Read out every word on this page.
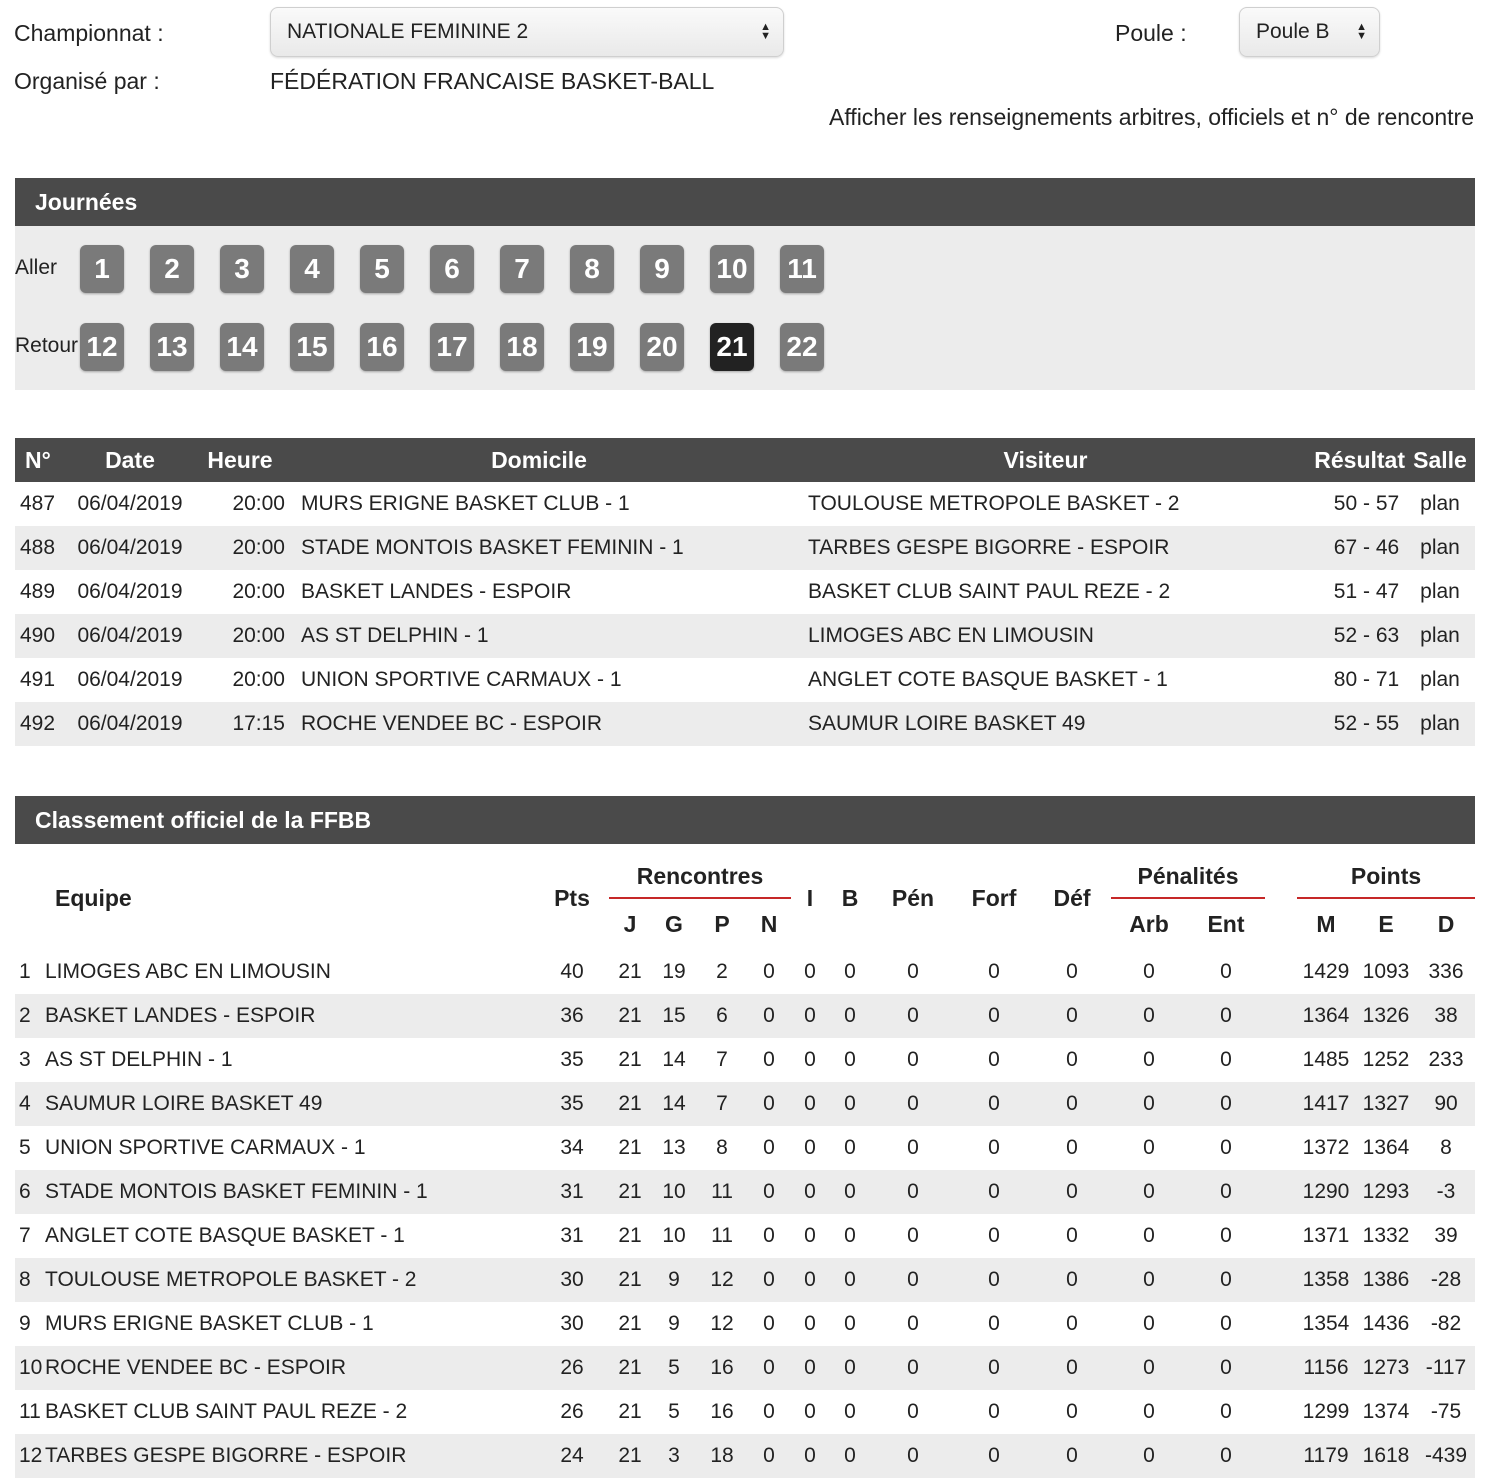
Championnat :	NATIONALE FEMININE 2	▲
▼	Poule :	Poule B ▲
▼
Organisé par :	FÉDÉRATION FRANCAISE BASKET-BALL
Afficher les renseignements arbitres, officiels et n° de rencontre
Journées
Aller
Retour
1	2	3	4	5	6	7	8	9	10 11
12 13 14 15 16 17 18 19 20 21 22
N°	Date	Heure	Domicile	Visiteur	Résultat	Salle
487	06/04/2019	20:00	MURS ERIGNE BASKET CLUB - 1	TOULOUSE METROPOLE BASKET - 2	50 - 57	plan
488	06/04/2019	20:00	STADE MONTOIS BASKET FEMININ - 1	TARBES GESPE BIGORRE - ESPOIR	67 - 46	plan
489	06/04/2019	20:00	BASKET LANDES - ESPOIR	BASKET CLUB SAINT PAUL REZE - 2	51 - 47	plan
490	06/04/2019	20:00	AS ST DELPHIN - 1	LIMOGES ABC EN LIMOUSIN	52 - 63	plan
491	06/04/2019	20:00	UNION SPORTIVE CARMAUX - 1	ANGLET COTE BASQUE BASKET - 1	80 - 71	plan
492	06/04/2019	17:15	ROCHE VENDEE BC - ESPOIR	SAUMUR LOIRE BASKET 49	52 - 55	plan
Classement officiel de la FFBB
Equipe		Pts	Rencontres				I	B	Pén	Forf	Déf	Pénalités			Points		
			J	G	P	N						Arb	Ent		M	E	D
1	LIMOGES ABC EN LIMOUSIN	40	21	19	2	0	0	0	0	0	0	0	0		1429	1093	336
2	BASKET LANDES - ESPOIR	36	21	15	6	0	0	0	0	0	0	0	0		1364	1326	38
3	AS ST DELPHIN - 1	35	21	14	7	0	0	0	0	0	0	0	0		1485	1252	233
4	SAUMUR LOIRE BASKET 49	35	21	14	7	0	0	0	0	0	0	0	0		1417	1327	90
5	UNION SPORTIVE CARMAUX - 1	34	21	13	8	0	0	0	0	0	0	0	0		1372	1364	8
6	STADE MONTOIS BASKET FEMININ - 1	31	21	10	11	0	0	0	0	0	0	0	0		1290	1293	-3
7	ANGLET COTE BASQUE BASKET - 1	31	21	10	11	0	0	0	0	0	0	0	0		1371	1332	39
8	TOULOUSE METROPOLE BASKET - 2	30	21	9	12	0	0	0	0	0	0	0	0		1358	1386	-28
9	MURS ERIGNE BASKET CLUB - 1	30	21	9	12	0	0	0	0	0	0	0	0		1354	1436	-82
10	ROCHE VENDEE BC - ESPOIR	26	21	5	16	0	0	0	0	0	0	0	0		1156	1273	-117
11	BASKET CLUB SAINT PAUL REZE - 2	26	21	5	16	0	0	0	0	0	0	0	0		1299	1374	-75
12	TARBES GESPE BIGORRE - ESPOIR	24	21	3	18	0	0	0	0	0	0	0	0		1179	1618	-439
